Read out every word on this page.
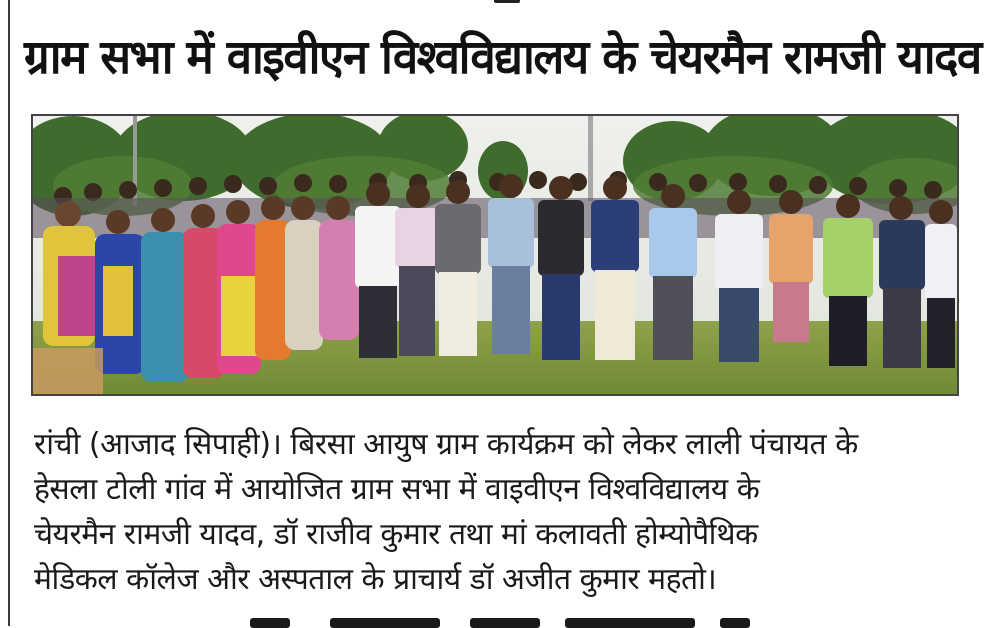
ग्राम सभा में वाइवीएन विश्वविद्यालय के चेयरमैन रामजी यादव
रांची (आजाद सिपाही)। बिरसा आयुष ग्राम कार्यक्रम को लेकर लाली पंचायत के
हेसला टोली गांव में आयोजित ग्राम सभा में वाइवीएन विश्वविद्यालय के
चेयरमैन रामजी यादव, डॉ राजीव कुमार तथा मां कलावती होम्योपैथिक
मेडिकल कॉलेज और अस्पताल के प्राचार्य डॉ अजीत कुमार महतो।
